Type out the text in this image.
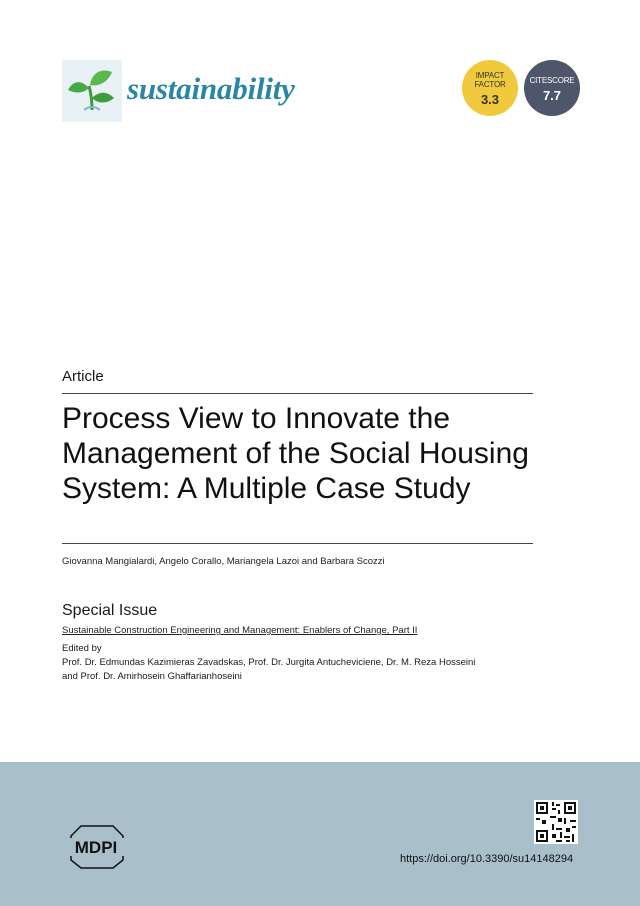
sustainability	IMPACT
FACTOR
3.3
CITESCORE
7.7
Article
Process View to Innovate the
Management of the Social Housing
System: A Multiple Case Study
Giovanna Mangialardi, Angelo Corallo, Mariangela Lazoi and Barbara Scozzi
Special Issue
Sustainable Construction Engineering and Management: Enablers of Change, Part II
Edited by
Prof. Dr. Edmundas Kazimieras Zavadskas, Prof. Dr. Jurgita Antucheviciene, Dr. M. Reza Hosseini
and Prof. Dr. Amirhosein Ghaffarianhoseini
MDPI
https://doi.org/10.3390/su14148294
